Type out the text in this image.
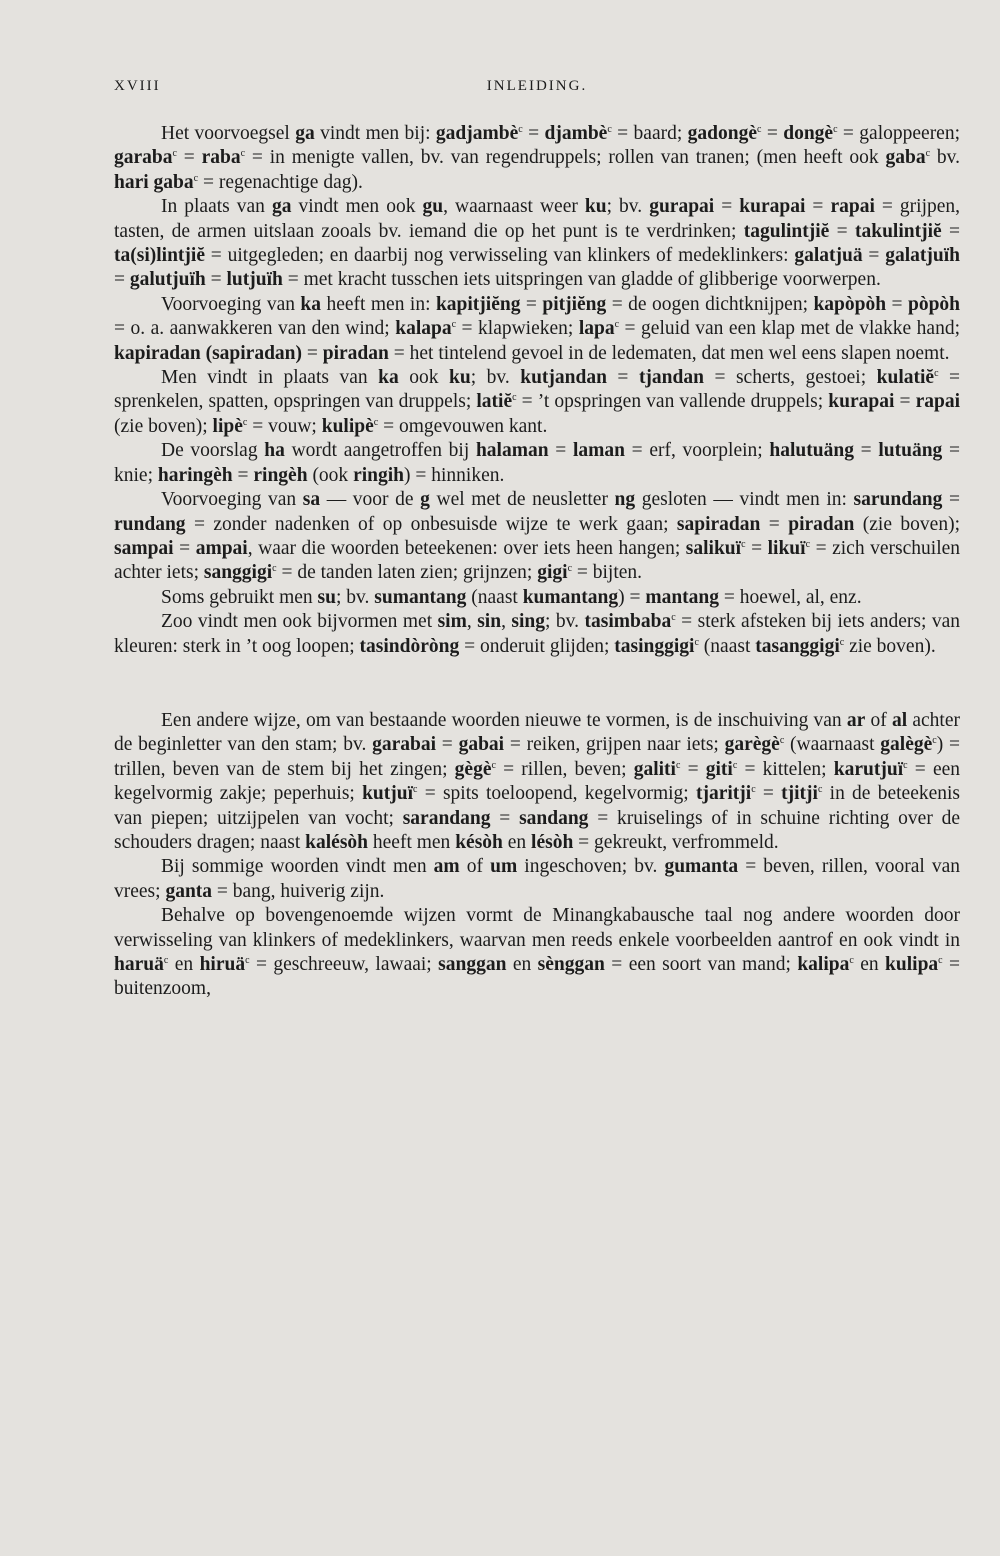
XVIII	INLEIDING.

Het voorvoegsel ga vindt men bij: gadjambè$^c$ = djambè$^c$ = baard; gadongè$^c$ = dongè$^c$ = galoppeeren; garaba$^c$ = raba$^c$ = in menigte vallen, bv. van regendruppels; rollen van tranen; (men heeft ook gaba$^c$ bv. hari gaba$^c$ = regenachtige dag).

In plaats van ga vindt men ook gu, waarnaast weer ku; bv. gurapai = kurapai = rapai = grijpen, tasten, de armen uitslaan zooals bv. iemand die op het punt is te verdrinken; tagulintjiĕ = takulintjiĕ = ta(si)lintjiĕ = uitgegleden; en daarbij nog verwisseling van klinkers of medeklinkers: galatjuä = galatjuïh = galutjuïh = lutjuïh = met kracht tusschen iets uitspringen van gladde of glibberige voorwerpen.

Voorvoeging van ka heeft men in: kapitjiĕng = pitjiĕng = de oogen dichtknijpen; kapòpòh = pòpòh = o. a. aanwakkeren van den wind; kalapa$^c$ = klapwieken; lapa$^c$ = geluid van een klap met de vlakke hand; kapiradan (sapiradan) = piradan = het tintelend gevoel in de ledematen, dat men wel eens slapen noemt.

Men vindt in plaats van ka ook ku; bv. kutjandan = tjandan = scherts, gestoei; kulatiĕ$^c$ = sprenkelen, spatten, opspringen van druppels; latiĕ$^c$ = ’t opspringen van vallende druppels; kurapai = rapai (zie boven); lipè$^c$ = vouw; kulipè$^c$ = omgevouwen kant.

De voorslag ha wordt aangetroffen bij halaman = laman = erf, voorplein; halutuäng = lutuäng = knie; haringèh = ringèh (ook ringih) = hinniken.

Voorvoeging van sa — voor de g wel met de neusletter ng gesloten — vindt men in: sarundang = rundang = zonder nadenken of op onbesuisde wijze te werk gaan; sapiradan = piradan (zie boven); sampai = ampai, waar die woorden beteekenen: over iets heen hangen; salikuï$^c$ = likuï$^c$ = zich verschuilen achter iets; sanggigi$^c$ = de tanden laten zien; grijnzen; gigi$^c$ = bijten.

Soms gebruikt men su; bv. sumantang (naast kumantang) = mantang = hoewel, al, enz.

Zoo vindt men ook bijvormen met sim, sin, sing; bv. tasimbaba$^c$ = sterk afsteken bij iets anders; van kleuren: sterk in ’t oog loopen; tasindòròng = onderuit glijden; tasinggigi$^c$ (naast tasanggigi$^c$ zie boven).

Een andere wijze, om van bestaande woorden nieuwe te vormen, is de inschuiving van ar of al achter de beginletter van den stam; bv. garabai = gabai = reiken, grijpen naar iets; garègè$^c$ (waarnaast galègè$^c$) = trillen, beven van de stem bij het zingen; gègè$^c$ = rillen, beven; galiti$^c$ = giti$^c$ = kittelen; karutjuï$^c$ = een kegelvormig zakje; peperhuis; kutjuï$^c$ = spits toeloopend, kegelvormig; tjaritji$^c$ = tjitji$^c$ in de beteekenis van piepen; uitzijpelen van vocht; sarandang = sandang = kruiselings of in schuine richting over de schouders dragen; naast kalésòh heeft men késòh en lésòh = gekreukt, verfrommeld.

Bij sommige woorden vindt men am of um ingeschoven; bv. gumanta = beven, rillen, vooral van vrees; ganta = bang, huiverig zijn.

Behalve op bovengenoemde wijzen vormt de Minangkabausche taal nog andere woorden door verwisseling van klinkers of medeklinkers, waarvan men reeds enkele voorbeelden aantrof en ook vindt in haruä$^c$ en hiruä$^c$ = geschreeuw, lawaai; sanggan en sènggan = een soort van mand; kalipa$^c$ en kulipa$^c$ = buitenzoom,
